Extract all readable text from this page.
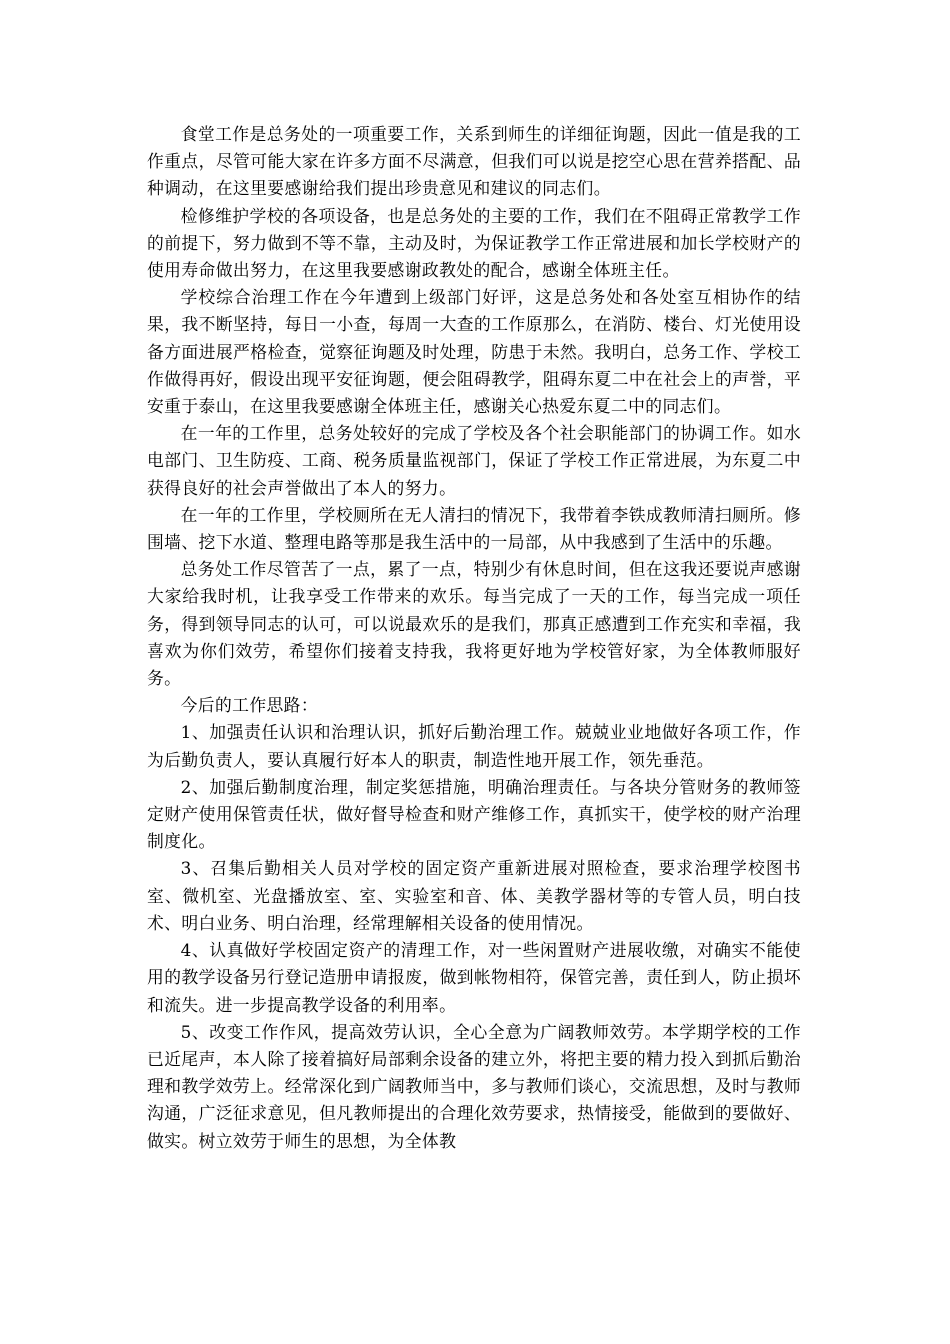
食堂工作是总务处的一项重要工作，关系到师生的详细征询题，因此一值是我的工作重点，尽管可能大家在许多方面不尽满意，但我们可以说是挖空心思在营养搭配、品种调动，在这里要感谢给我们提出珍贵意见和建议的同志们。

检修维护学校的各项设备，也是总务处的主要的工作，我们在不阻碍正常教学工作的前提下，努力做到不等不靠，主动及时，为保证教学工作正常进展和加长学校财产的使用寿命做出努力，在这里我要感谢政教处的配合，感谢全体班主任。

学校综合治理工作在今年遭到上级部门好评，这是总务处和各处室互相协作的结果，我不断坚持，每日一小查，每周一大查的工作原那么，在消防、楼台、灯光使用设备方面进展严格检查，觉察征询题及时处理，防患于未然。我明白，总务工作、学校工作做得再好，假设出现平安征询题，便会阻碍教学，阻碍东夏二中在社会上的声誉，平安重于泰山，在这里我要感谢全体班主任，感谢关心热爱东夏二中的同志们。

在一年的工作里，总务处较好的完成了学校及各个社会职能部门的协调工作。如水电部门、卫生防疫、工商、税务质量监视部门，保证了学校工作正常进展，为东夏二中获得良好的社会声誉做出了本人的努力。

在一年的工作里，学校厕所在无人清扫的情况下，我带着李铁成教师清扫厕所。修围墙、挖下水道、整理电路等那是我生活中的一局部，从中我感到了生活中的乐趣。

总务处工作尽管苦了一点，累了一点，特别少有休息时间，但在这我还要说声感谢大家给我时机，让我享受工作带来的欢乐。每当完成了一天的工作，每当完成一项任务，得到领导同志的认可，可以说最欢乐的是我们，那真正感遭到工作充实和幸福，我喜欢为你们效劳，希望你们接着支持我，我将更好地为学校管好家，为全体教师服好务。

今后的工作思路：

1、加强责任认识和治理认识，抓好后勤治理工作。兢兢业业地做好各项工作，作为后勤负责人，要认真履行好本人的职责，制造性地开展工作，领先垂范。

2、加强后勤制度治理，制定奖惩措施，明确治理责任。与各块分管财务的教师签定财产使用保管责任状，做好督导检查和财产维修工作，真抓实干，使学校的财产治理制度化。

3、召集后勤相关人员对学校的固定资产重新进展对照检查，要求治理学校图书室、微机室、光盘播放室、室、实验室和音、体、美教学器材等的专管人员，明白技术、明白业务、明白治理，经常理解相关设备的使用情况。

4、认真做好学校固定资产的清理工作，对一些闲置财产进展收缴，对确实不能使用的教学设备另行登记造册申请报废，做到帐物相符，保管完善，责任到人，防止损坏和流失。进一步提高教学设备的利用率。

5、改变工作作风，提高效劳认识，全心全意为广阔教师效劳。本学期学校的工作已近尾声，本人除了接着搞好局部剩余设备的建立外，将把主要的精力投入到抓后勤治理和教学效劳上。经常深化到广阔教师当中，多与教师们谈心，交流思想，及时与教师沟通，广泛征求意见，但凡教师提出的合理化效劳要求，热情接受，能做到的要做好、做实。树立效劳于师生的思想，为全体教
